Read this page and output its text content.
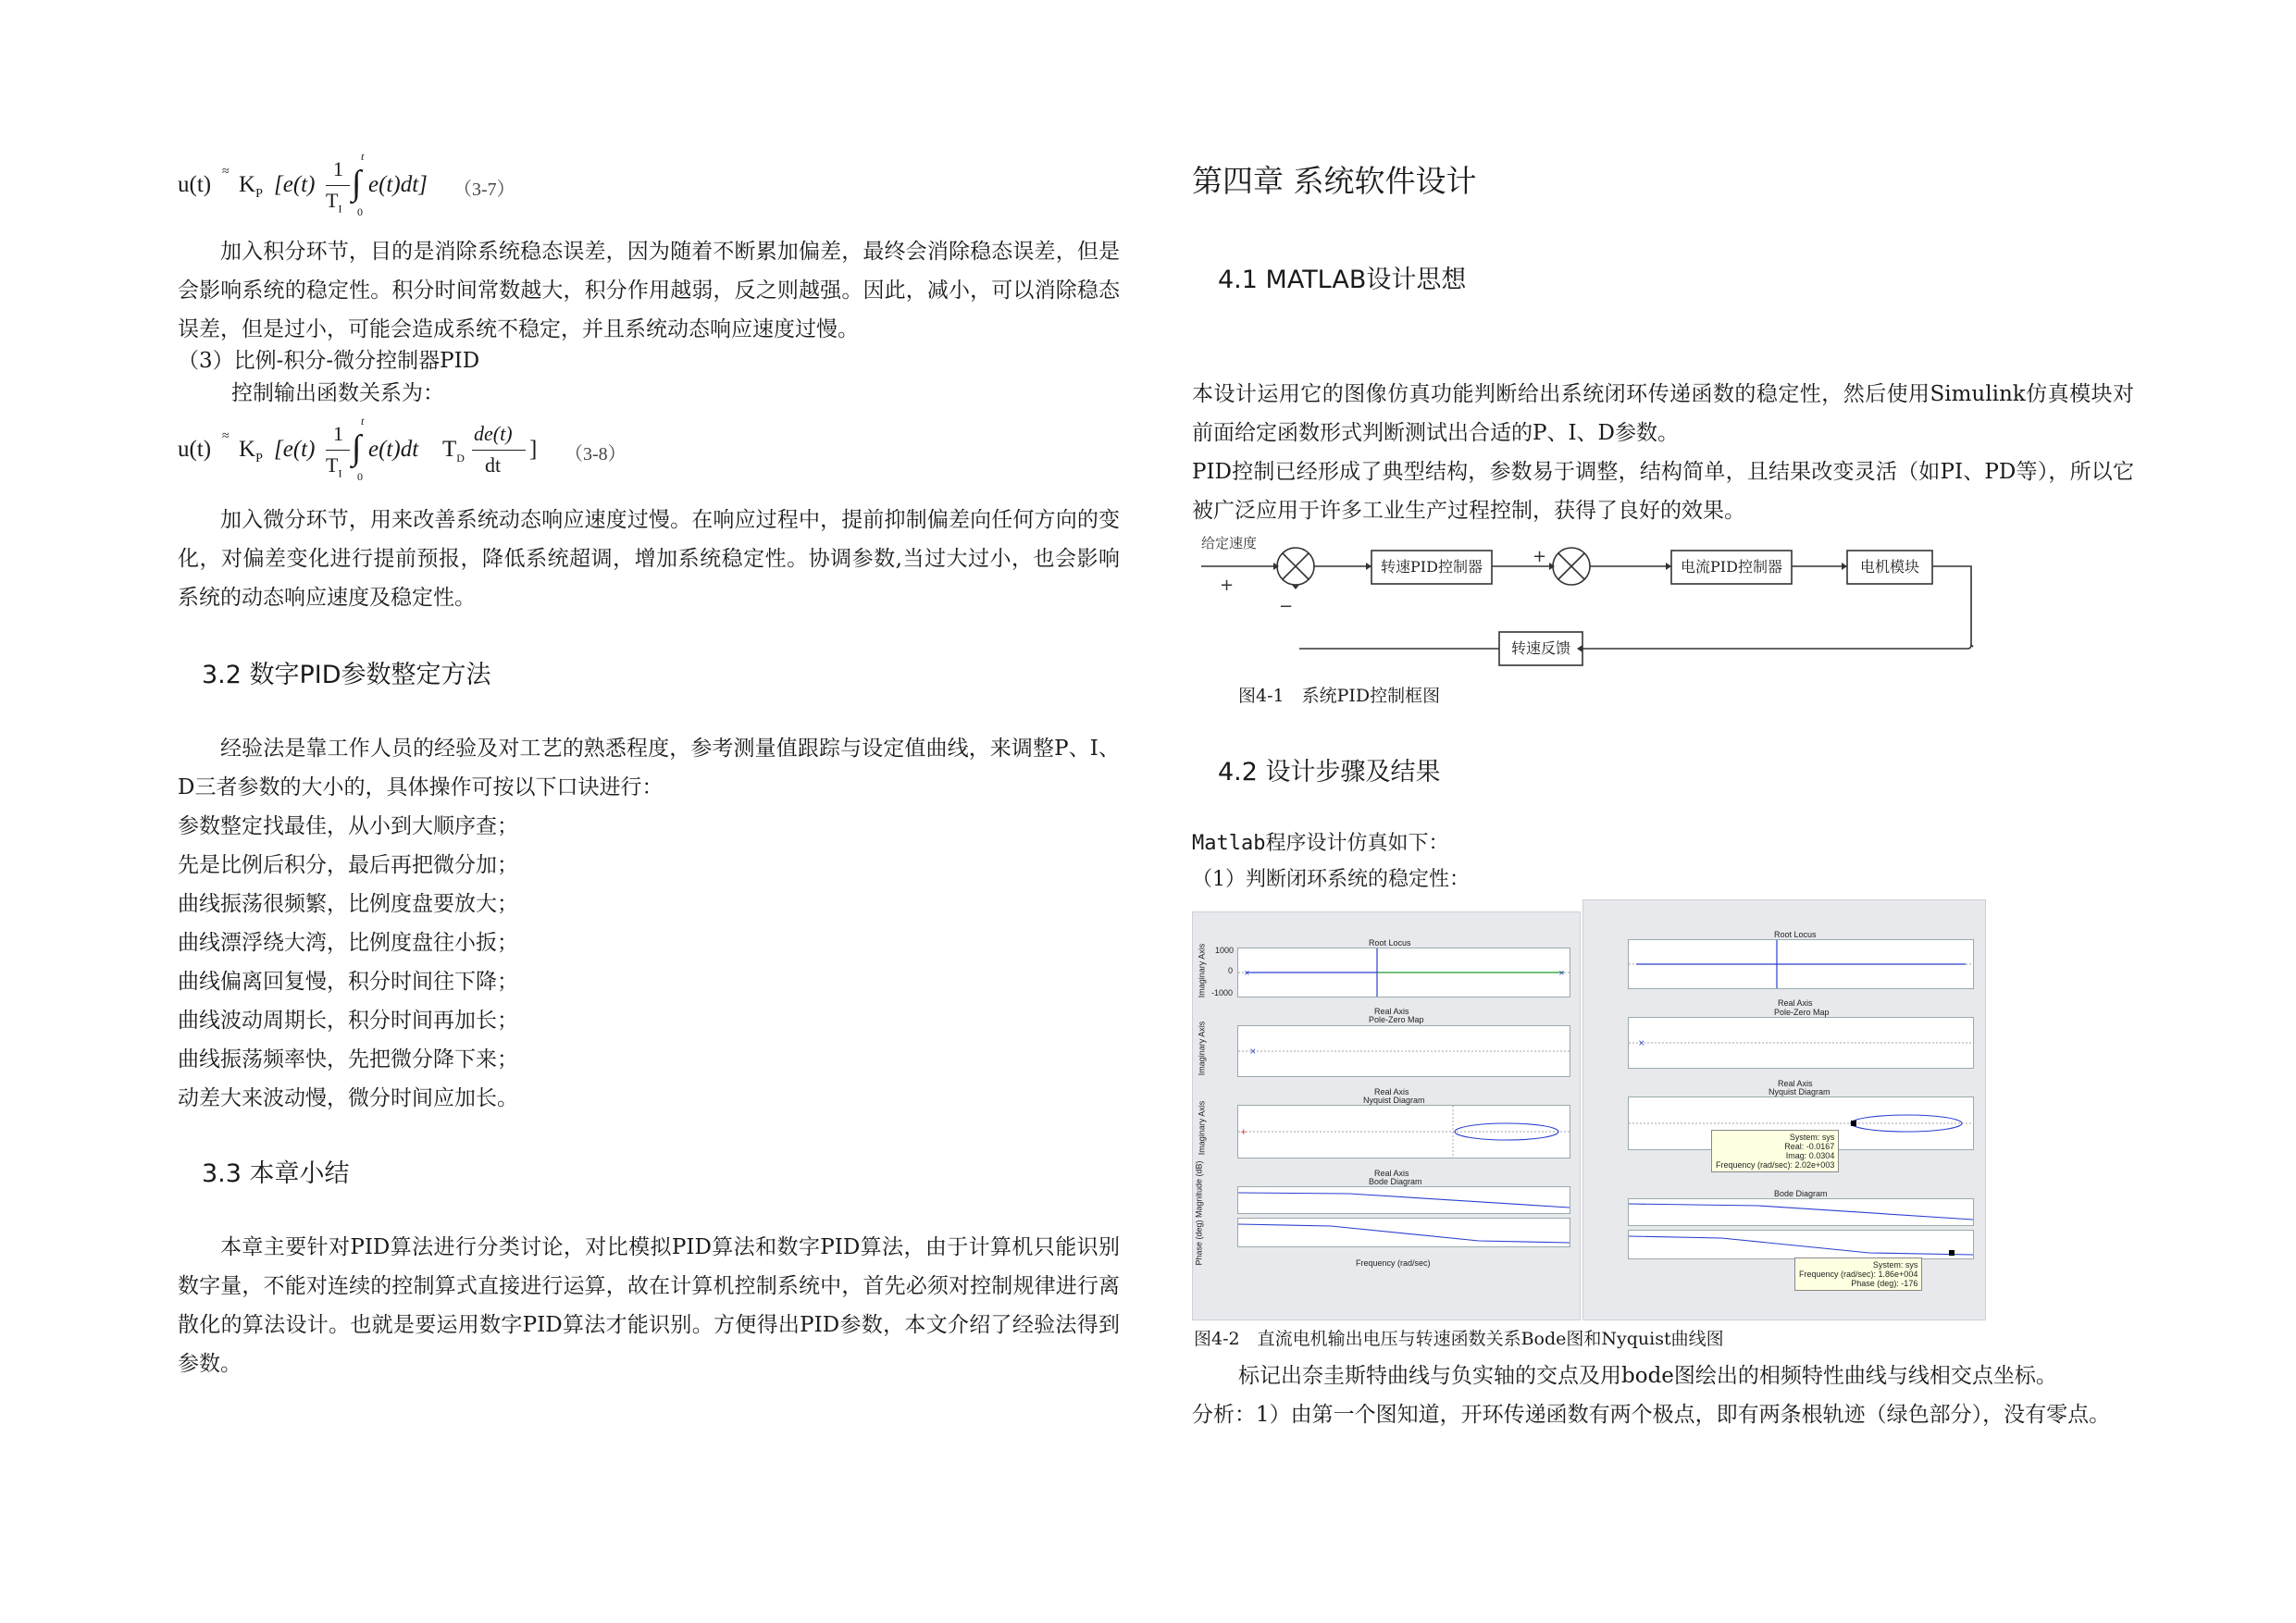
u(t)
≈
$K_P$ [e(t)
1
$T_I$
∫
t
0
e(t)dt] （3-7）

加入积分环节，目的是消除系统稳态误差，因为随着不断累加偏差，最终会消除稳态误差，但是会影响系统的稳定性。积分时间常数越大，积分作用越弱，反之则越强。因此，减小，可以消除稳态误差，但是过小，可能会造成系统不稳定，并且系统动态响应速度过慢。

（3）比例-积分-微分控制器PID
控制输出函数关系为：
u(t)
≈
$K_P$ [e(t)
1
$T_I$
∫
t
0
e(t)dt $T_D$
de(t)
dt
] （3-8）

加入微分环节，用来改善系统动态响应速度过慢。在响应过程中，提前抑制偏差向任何方向的变化，对偏差变化进行提前预报，降低系统超调，增加系统稳定性。协调参数,当过大过小，也会影响系统的动态响应速度及稳定性。

3.2 数字PID参数整定方法

经验法是靠工作人员的经验及对工艺的熟悉程度，参考测量值跟踪与设定值曲线，来调整P、I、D三者参数的大小的，具体操作可按以下口诀进行：

参数整定找最佳，从小到大顺序查；
先是比例后积分，最后再把微分加；
曲线振荡很频繁，比例度盘要放大；
曲线漂浮绕大湾，比例度盘往小扳；
曲线偏离回复慢，积分时间往下降；
曲线波动周期长，积分时间再加长；
曲线振荡频率快，先把微分降下来；
动差大来波动慢，微分时间应加长。
3.3 本章小结

本章主要针对PID算法进行分类讨论，对比模拟PID算法和数字PID算法，由于计算机只能识别数字量，不能对连续的控制算式直接进行运算，故在计算机控制系统中，首先必须对控制规律进行离散化的算法设计。也就是要运用数字PID算法才能识别。方便得出PID参数，本文介绍了经验法得到参数。

第四章 系统软件设计
4.1 MATLAB设计思想

本设计运用它的图像仿真功能判断给出系统闭环传递函数的稳定性，然后使用Simulink仿真模块对前面给定函数形式判断测试出合适的P、I、D参数。

PID控制已经形成了典型结构，参数易于调整，结构简单，且结果改变灵活（如PI、PD等），所以它被广泛应用于许多工业生产过程控制，获得了良好的效果。

给定速度
+
−
+
转速PID控制器	电流PID控制器	电机模块
转速反馈
图4-1　系统PID控制框图
4.2 设计步骤及结果
Matlab程序设计仿真如下：
（1）判断闭环系统的稳定性：
Root Locus
×	×
1000
0
-1000
Real Axis
Imaginary Axis
Pole-Zero Map
×
Real Axis
Imaginary Axis
Nyquist Diagram
+
Real Axis
Imaginary Axis
Bode Diagram
Frequency (rad/sec)
Phase (deg) Magnitude (dB)
Root Locus
Real Axis
Pole-Zero Map
×
Real Axis
Nyquist Diagram
System: sys
Real: -0.0167
Imag: 0.0304
Frequency (rad/sec): 2.02e+003
Bode Diagram
System: sys
Frequency (rad/sec): 1.86e+004
Phase (deg): -176
图4-2　直流电机输出电压与转速函数关系Bode图和Nyquist曲线图

标记出奈圭斯特曲线与负实轴的交点及用bode图绘出的相频特性曲线与线相交点坐标。

分析：1）由第一个图知道，开环传递函数有两个极点，即有两条根轨迹（绿色部分），没有零点。
